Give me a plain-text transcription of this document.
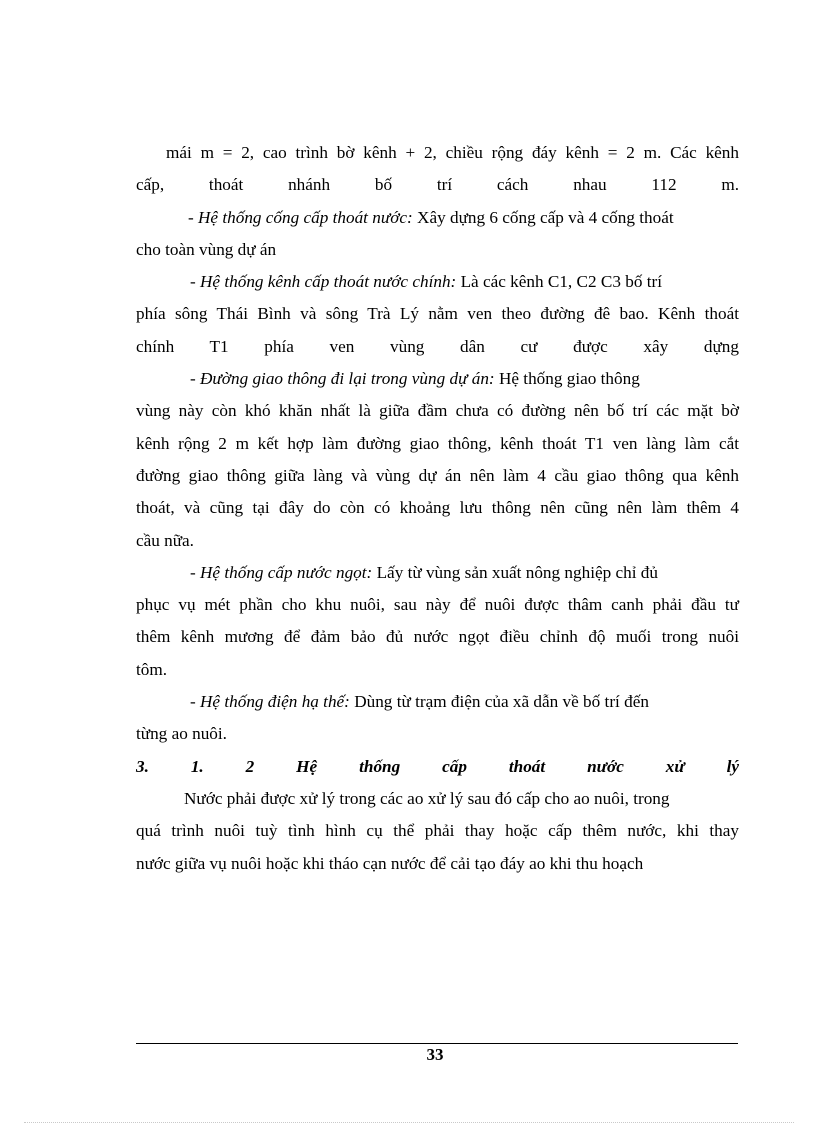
mái m = 2, cao trình bờ kênh + 2, chiều rộng đáy kênh = 2 m. Các kênh
cấp, thoát nhánh bố trí cách nhau 112 m.
- Hệ thống cống cấp thoát nước: Xây dựng 6 cống cấp và 4 cống thoát
cho toàn vùng dự án
- Hệ thống kênh cấp thoát nước chính: Là các kênh C1, C2 C3 bố trí
phía sông Thái Bình và sông Trà Lý nằm ven theo đường đê bao. Kênh thoát
chính T1 phía ven vùng dân cư được xây dựng
- Đường giao thông đi lại trong vùng dự án: Hệ thống giao thông
vùng này còn khó khăn nhất là giữa đầm chưa có đường nên bố trí các mặt bờ
kênh rộng 2 m kết hợp làm đường giao thông, kênh thoát T1 ven làng làm cắt
đường giao thông giữa làng và vùng dự án nên làm 4 cầu giao thông qua kênh
thoát, và cũng tại đây do còn có khoảng lưu thông nên cũng nên làm thêm 4
cầu nữa.
- Hệ thống cấp nước ngọt: Lấy từ vùng sản xuất nông nghiệp chỉ đủ
phục vụ mét phần cho khu nuôi, sau này để nuôi được thâm canh phải đầu tư
thêm kênh mương để đảm bảo đủ nước ngọt điều chỉnh độ muối trong nuôi
tôm.
- Hệ thống điện hạ thế: Dùng từ trạm điện của xã dẫn về bố trí đến
từng ao nuôi.
3. 1. 2 Hệ thống cấp thoát nước xử lý
Nước phải được xử lý trong các ao xử lý sau đó cấp cho ao nuôi, trong
quá trình nuôi tuỳ tình hình cụ thể phải thay hoặc cấp thêm nước, khi thay
nước giữa vụ nuôi hoặc khi tháo cạn nước để cải tạo đáy ao khi thu hoạch
33
